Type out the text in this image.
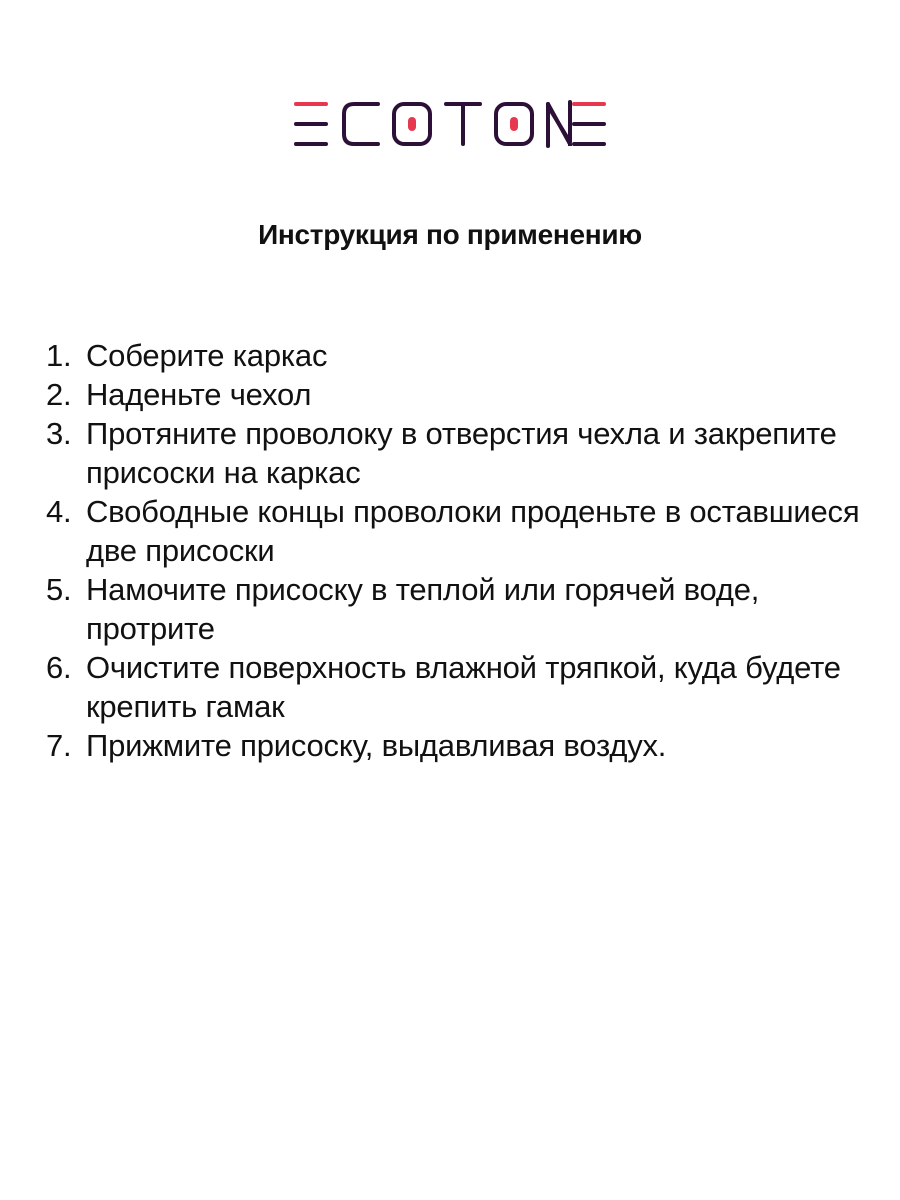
Инструкция по применению
1. Соберите каркас
2. Наденьте чехол
3. Протяните проволоку в отверстия чехла и закрепите присоски на каркас
4. Свободные концы проволоки проденьте в оставшиеся две присоски
5. Намочите присоску в теплой или горячей воде, протрите
6. Очистите поверхность влажной тряпкой, куда будете крепить гамак
7. Прижмите присоску, выдавливая воздух.
